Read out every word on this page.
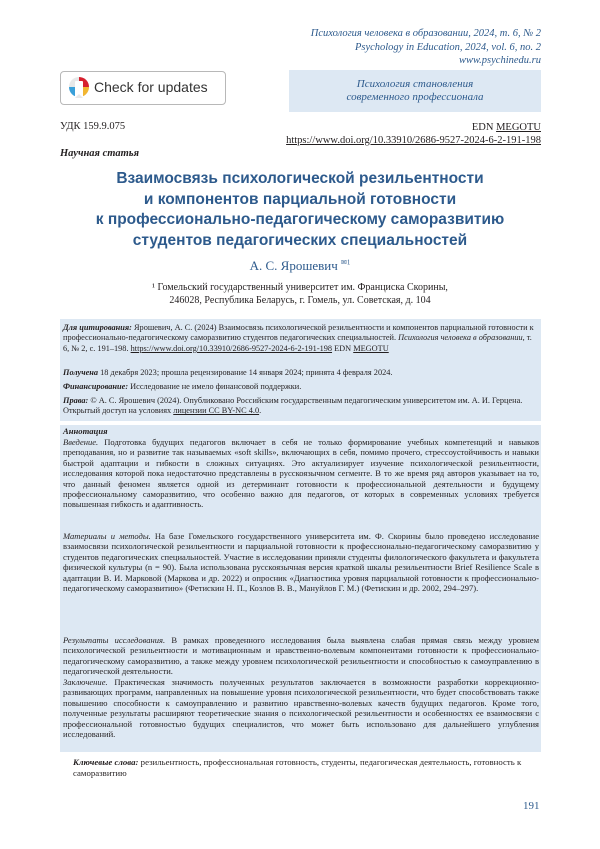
Психология человека в образовании, 2024, т. 6, № 2
Psychology in Education, 2024, vol. 6, no. 2
www.psychinedu.ru
Check for updates	Психология становления
современного профессионала
УДК 159.9.075	EDN MEGOTU
https://www.doi.org/10.33910/2686-9527-2024-6-2-191-198
Научная статья
Взаимосвязь психологической резильентности
и компонентов парциальной готовности
к профессионально-педагогическому саморазвитию
студентов педагогических специальностей
А. С. Ярошевич $^{✉1}$
¹ Гомельский государственный университет им. Франциска Скорины,
246028, Республика Беларусь, г. Гомель, ул. Советская, д. 104
Для цитирования: Ярошевич, А. С. (2024) Взаимосвязь психологической резильентности и компонентов парциальной готовности к профессионально-педагогическому саморазвитию студентов педагогических специальностей. Психология человека в образовании, т. 6, № 2, с. 191–198. https://www.doi.org/10.33910/2686-9527-2024-6-2-191-198 EDN MEGOTU
Получена 18 декабря 2023; прошла рецензирование 14 января 2024; принята 4 февраля 2024.
Финансирование: Исследование не имело финансовой поддержки.
Права: © А. С. Ярошевич (2024). Опубликовано Российским государственным педагогическим университетом им. А. И. Герцена. Открытый доступ на условиях лицензии CC BY-NC 4.0.
Аннотация
Введение. Подготовка будущих педагогов включает в себя не только формирование учебных компетенций и навыков преподавания, но и развитие так называемых «soft skills», включающих в себя, помимо прочего, стрессоустойчивость и навыки быстрой адаптации и гибкости в сложных ситуациях. Это актуализирует изучение психологической резильентности, исследования которой пока недостаточно представлены в русскоязычном сегменте. В то же время ряд авторов указывает на то, что данный феномен является одной из детерминант готовности к профессиональной деятельности и будущему профессиональному саморазвитию, что особенно важно для педагогов, от которых в современных условиях требуется повышенная гибкость и адаптивность.
Материалы и методы. На базе Гомельского государственного университета им. Ф. Скорины было проведено исследование взаимосвязи психологической резильентности и парциальной готовности к профессионально-педагогическому саморазвитию у студентов педагогических специальностей. Участие в исследовании приняли студенты филологического факультета и факультета физической культуры (n = 90). Была использована русскоязычная версия краткой шкалы резильентности Brief Resilience Scale в адаптации В. И. Марковой (Маркова и др. 2022) и опросник «Диагностика уровня парциальной готовности к профессионально-педагогическому саморазвитию» (Фетискин Н. П., Козлов В. В., Мануйлов Г. М.) (Фетискин и др. 2002, 294–297).
Результаты исследования. В рамках проведенного исследования была выявлена слабая прямая связь между уровнем психологической резильентности и мотивационным и нравственно-волевым компонентами готовности к профессионально-педагогическому саморазвитию, а также между уровнем психологической резильентности и способностью к самоуправлению в педагогической деятельности.
Заключение. Практическая значимость полученных результатов заключается в возможности разработки коррекционно-развивающих программ, направленных на повышение уровня психологической резильентности, что будет способствовать также повышению способности к самоуправлению и развитию нравственно-волевых качеств будущих педагогов. Кроме того, полученные результаты расширяют теоретические знания о психологической резильентности и особенностях ее взаимосвязи с профессиональной готовностью будущих специалистов, что может быть использовано для дальнейшего углубления исследований.
Ключевые слова: резильентность, профессиональная готовность, студенты, педагогическая деятельность, готовность к саморазвитию
191
